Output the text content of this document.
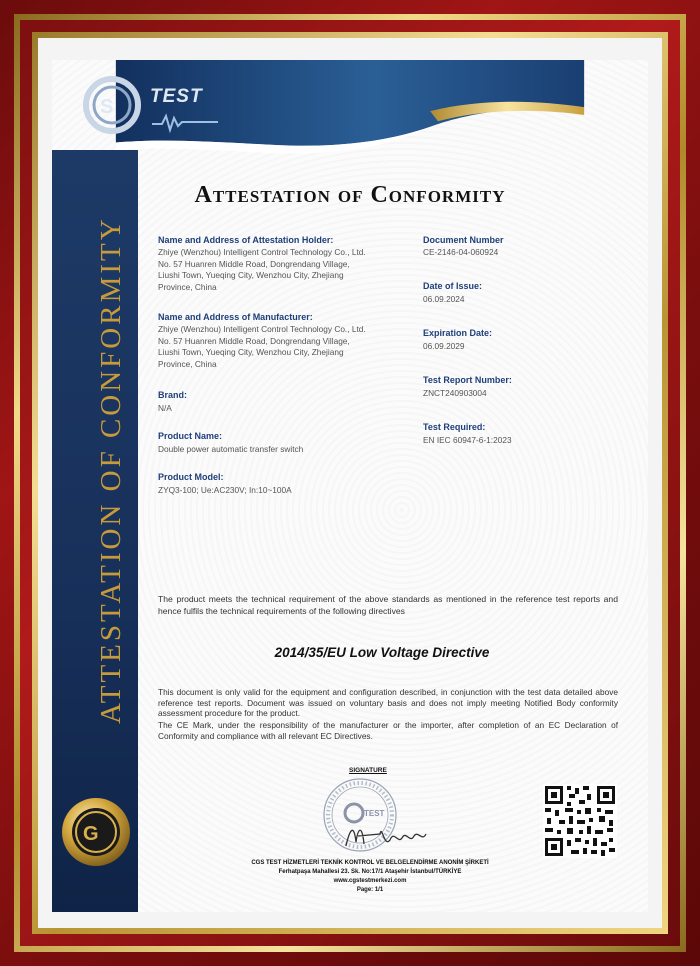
S TEST
ATTESTATION OF CONFORMITY
G
Attestation of Conformity
Name and Address of Attestation Holder:
Zhiye (Wenzhou) Intelligent Control Technology Co., Ltd.
No. 57 Huanren Middle Road, Dongrendang Village,
Liushi Town, Yueqing City, Wenzhou City, Zhejiang
Province, China
Name and Address of Manufacturer:
Zhiye (Wenzhou) Intelligent Control Technology Co., Ltd.
No. 57 Huanren Middle Road, Dongrendang Village,
Liushi Town, Yueqing City, Wenzhou City, Zhejiang
Province, China
Brand:
N/A
Product Name:
Double power automatic transfer switch
Product Model:
ZYQ3-100; Ue:AC230V; In:10~100A
Document Number
CE-2146-04-060924
Date of Issue:
06.09.2024
Expiration Date:
06.09.2029
Test Report Number:
ZNCT240903004
Test Required:
EN IEC 60947-6-1:2023
The product meets the technical requirement of the above standards as mentioned in the reference test reports and hence fulfils the technical requirements of the following directives
2014/35/EU Low Voltage Directive
This document is only valid for the equipment and configuration described, in conjunction with the test data detailed above reference test reports. Document was issued on voluntary basis and does not imply meeting Notified Body conformity assessment procedure for the product.
The CE Mark, under the responsibility of the manufacturer or the importer, after completion of an EC Declaration of Conformity and compliance with all relevant EC Directives.
SIGNATURE
TEST
CGS TEST HİZMETLERİ TEKNİK KONTROL VE BELGELENDİRME ANONİM ŞİRKETİ
Ferhatpaşa Mahallesi 23. Sk. No:17/1 Ataşehir İstanbul/TÜRKİYE
www.cgstestmerkezi.com
Page: 1/1
